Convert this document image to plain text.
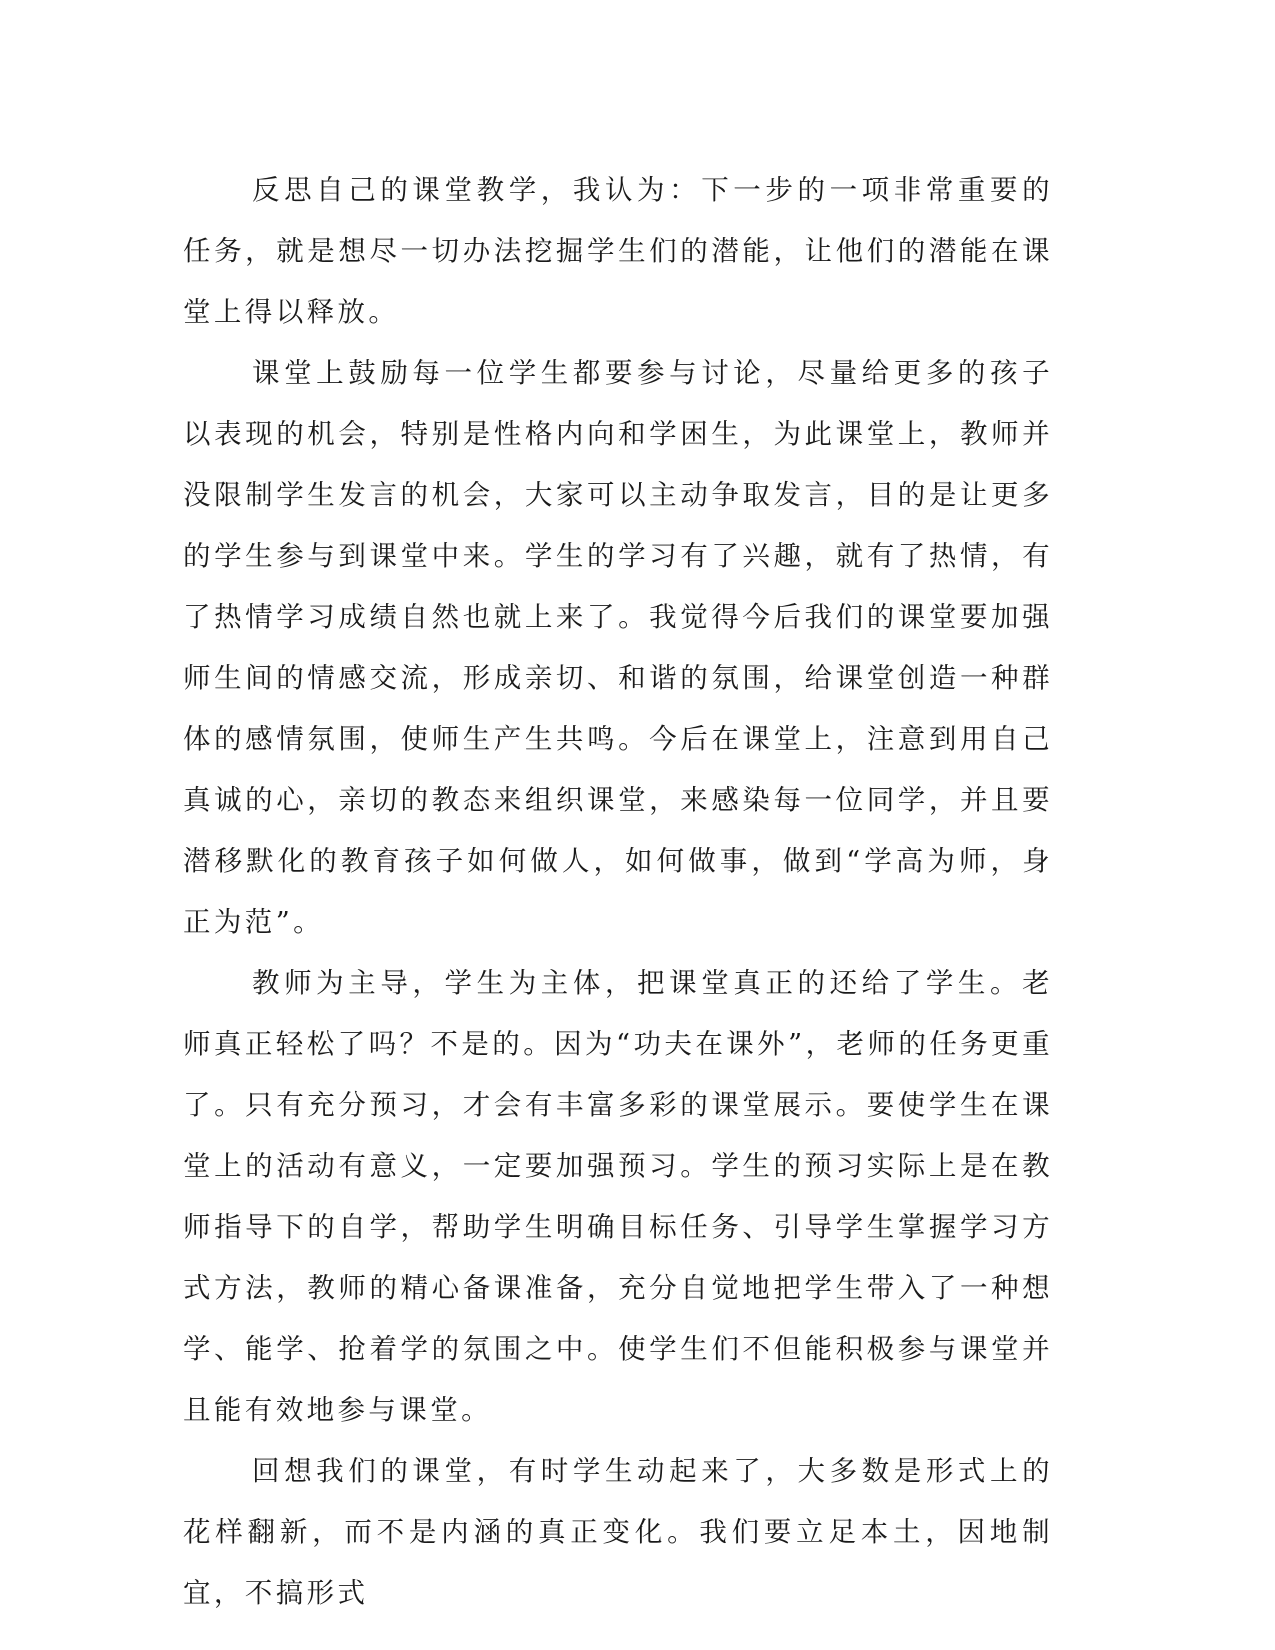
反思自己的课堂教学，我认为：下一步的一项非常重要的任务，就是想尽一切办法挖掘学生们的潜能，让他们的潜能在课堂上得以释放。

课堂上鼓励每一位学生都要参与讨论，尽量给更多的孩子以表现的机会，特别是性格内向和学困生，为此课堂上，教师并没限制学生发言的机会，大家可以主动争取发言，目的是让更多的学生参与到课堂中来。学生的学习有了兴趣，就有了热情，有了热情学习成绩自然也就上来了。我觉得今后我们的课堂要加强师生间的情感交流，形成亲切、和谐的氛围，给课堂创造一种群体的感情氛围，使师生产生共鸣。今后在课堂上，注意到用自己真诚的心，亲切的教态来组织课堂，来感染每一位同学，并且要潜移默化的教育孩子如何做人，如何做事，做到“学高为师，身正为范”。

教师为主导，学生为主体，把课堂真正的还给了学生。老师真正轻松了吗？不是的。因为“功夫在课外”，老师的任务更重了。只有充分预习，才会有丰富多彩的课堂展示。要使学生在课堂上的活动有意义，一定要加强预习。学生的预习实际上是在教师指导下的自学，帮助学生明确目标任务、引导学生掌握学习方式方法，教师的精心备课准备，充分自觉地把学生带入了一种想学、能学、抢着学的氛围之中。使学生们不但能积极参与课堂并且能有效地参与课堂。

回想我们的课堂，有时学生动起来了，大多数是形式上的花样翻新，而不是内涵的真正变化。我们要立足本土，因地制宜，不搞形式
